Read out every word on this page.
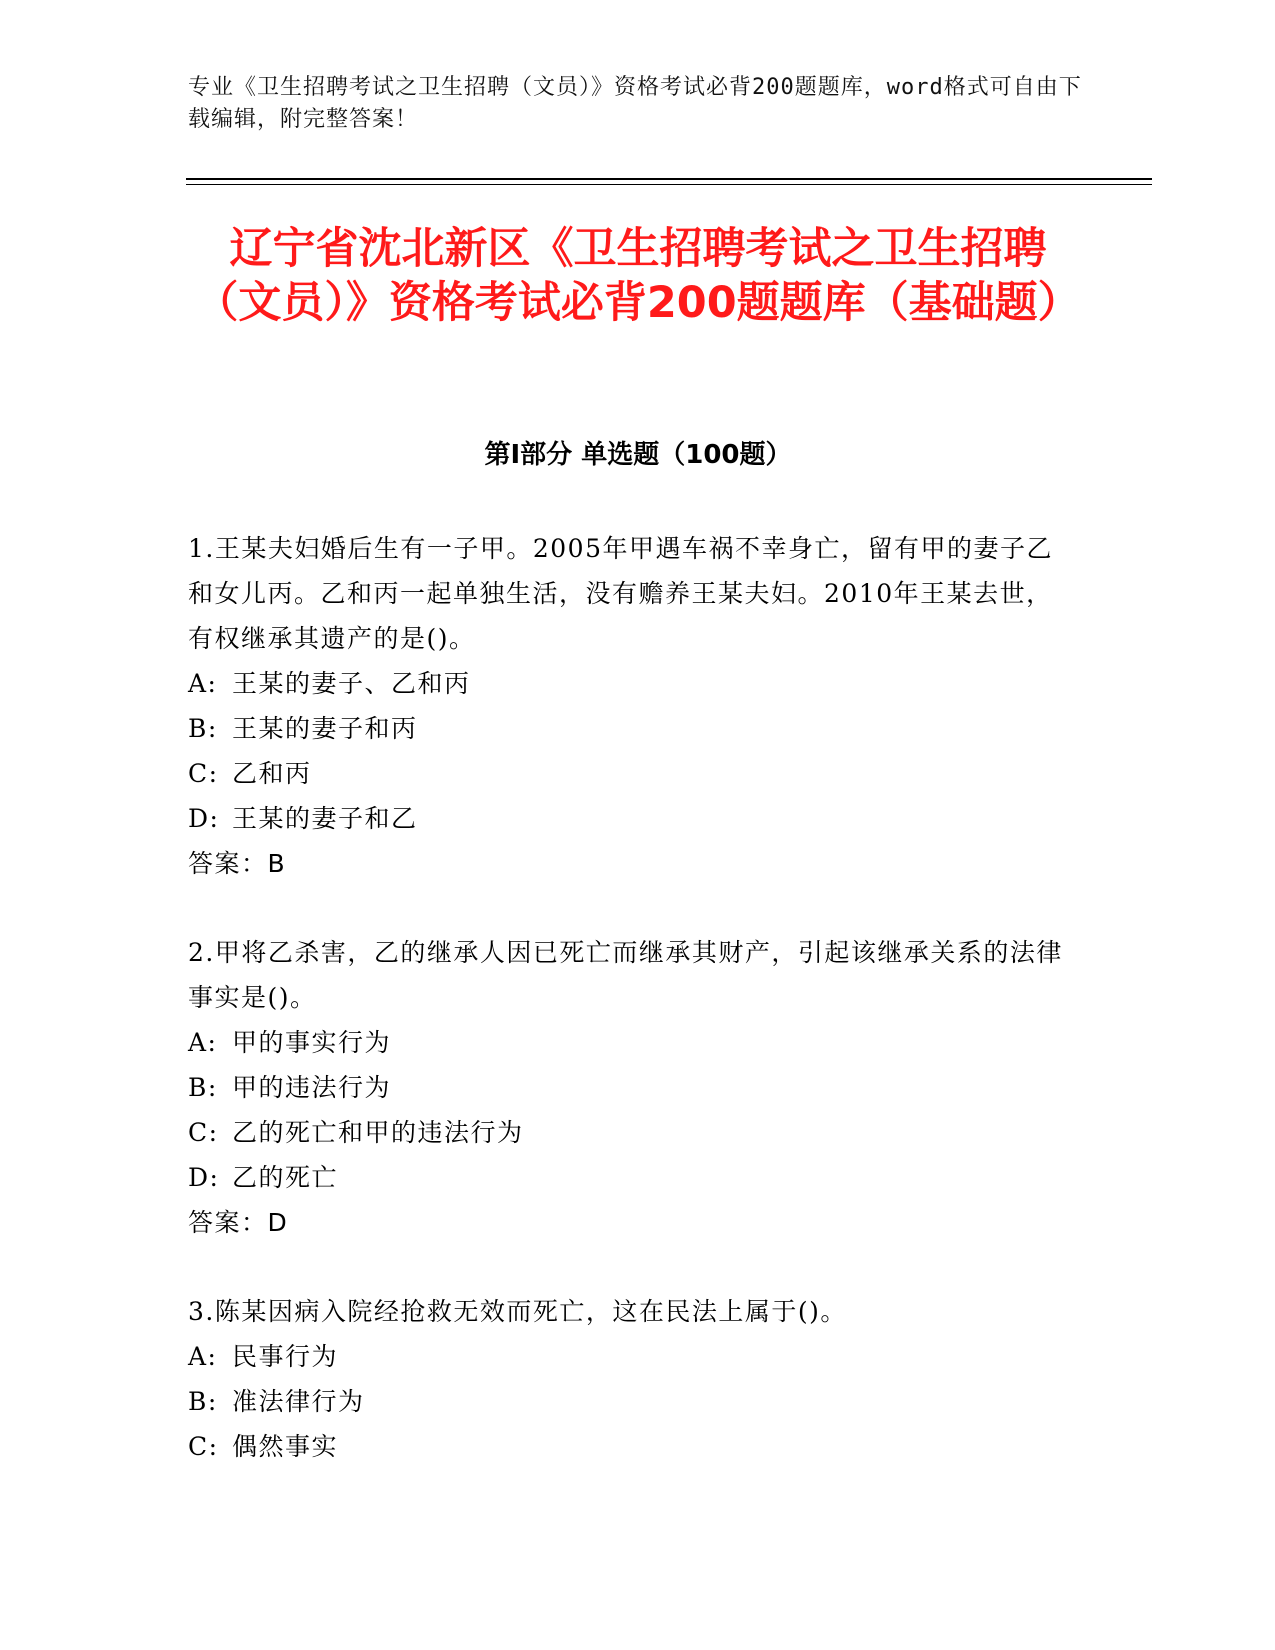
专业《卫生招聘考试之卫生招聘（文员）》资格考试必背200题题库，word格式可自由下载编辑，附完整答案！
辽宁省沈北新区《卫生招聘考试之卫生招聘（文员）》资格考试必背200题题库（基础题）
第I部分 单选题（100题）

1.王某夫妇婚后生有一子甲。2005年甲遇车祸不幸身亡，留有甲的妻子乙和女儿丙。乙和丙一起单独生活，没有赡养王某夫妇。2010年王某去世，有权继承其遗产的是()。

A: 王某的妻子、乙和丙

B: 王某的妻子和丙

C: 乙和丙

D: 王某的妻子和乙

答案：B

2.甲将乙杀害，乙的继承人因已死亡而继承其财产，引起该继承关系的法律事实是()。

A: 甲的事实行为

B: 甲的违法行为

C: 乙的死亡和甲的违法行为

D: 乙的死亡

答案：D

3.陈某因病入院经抢救无效而死亡，这在民法上属于()。

A: 民事行为

B: 准法律行为

C: 偶然事实
